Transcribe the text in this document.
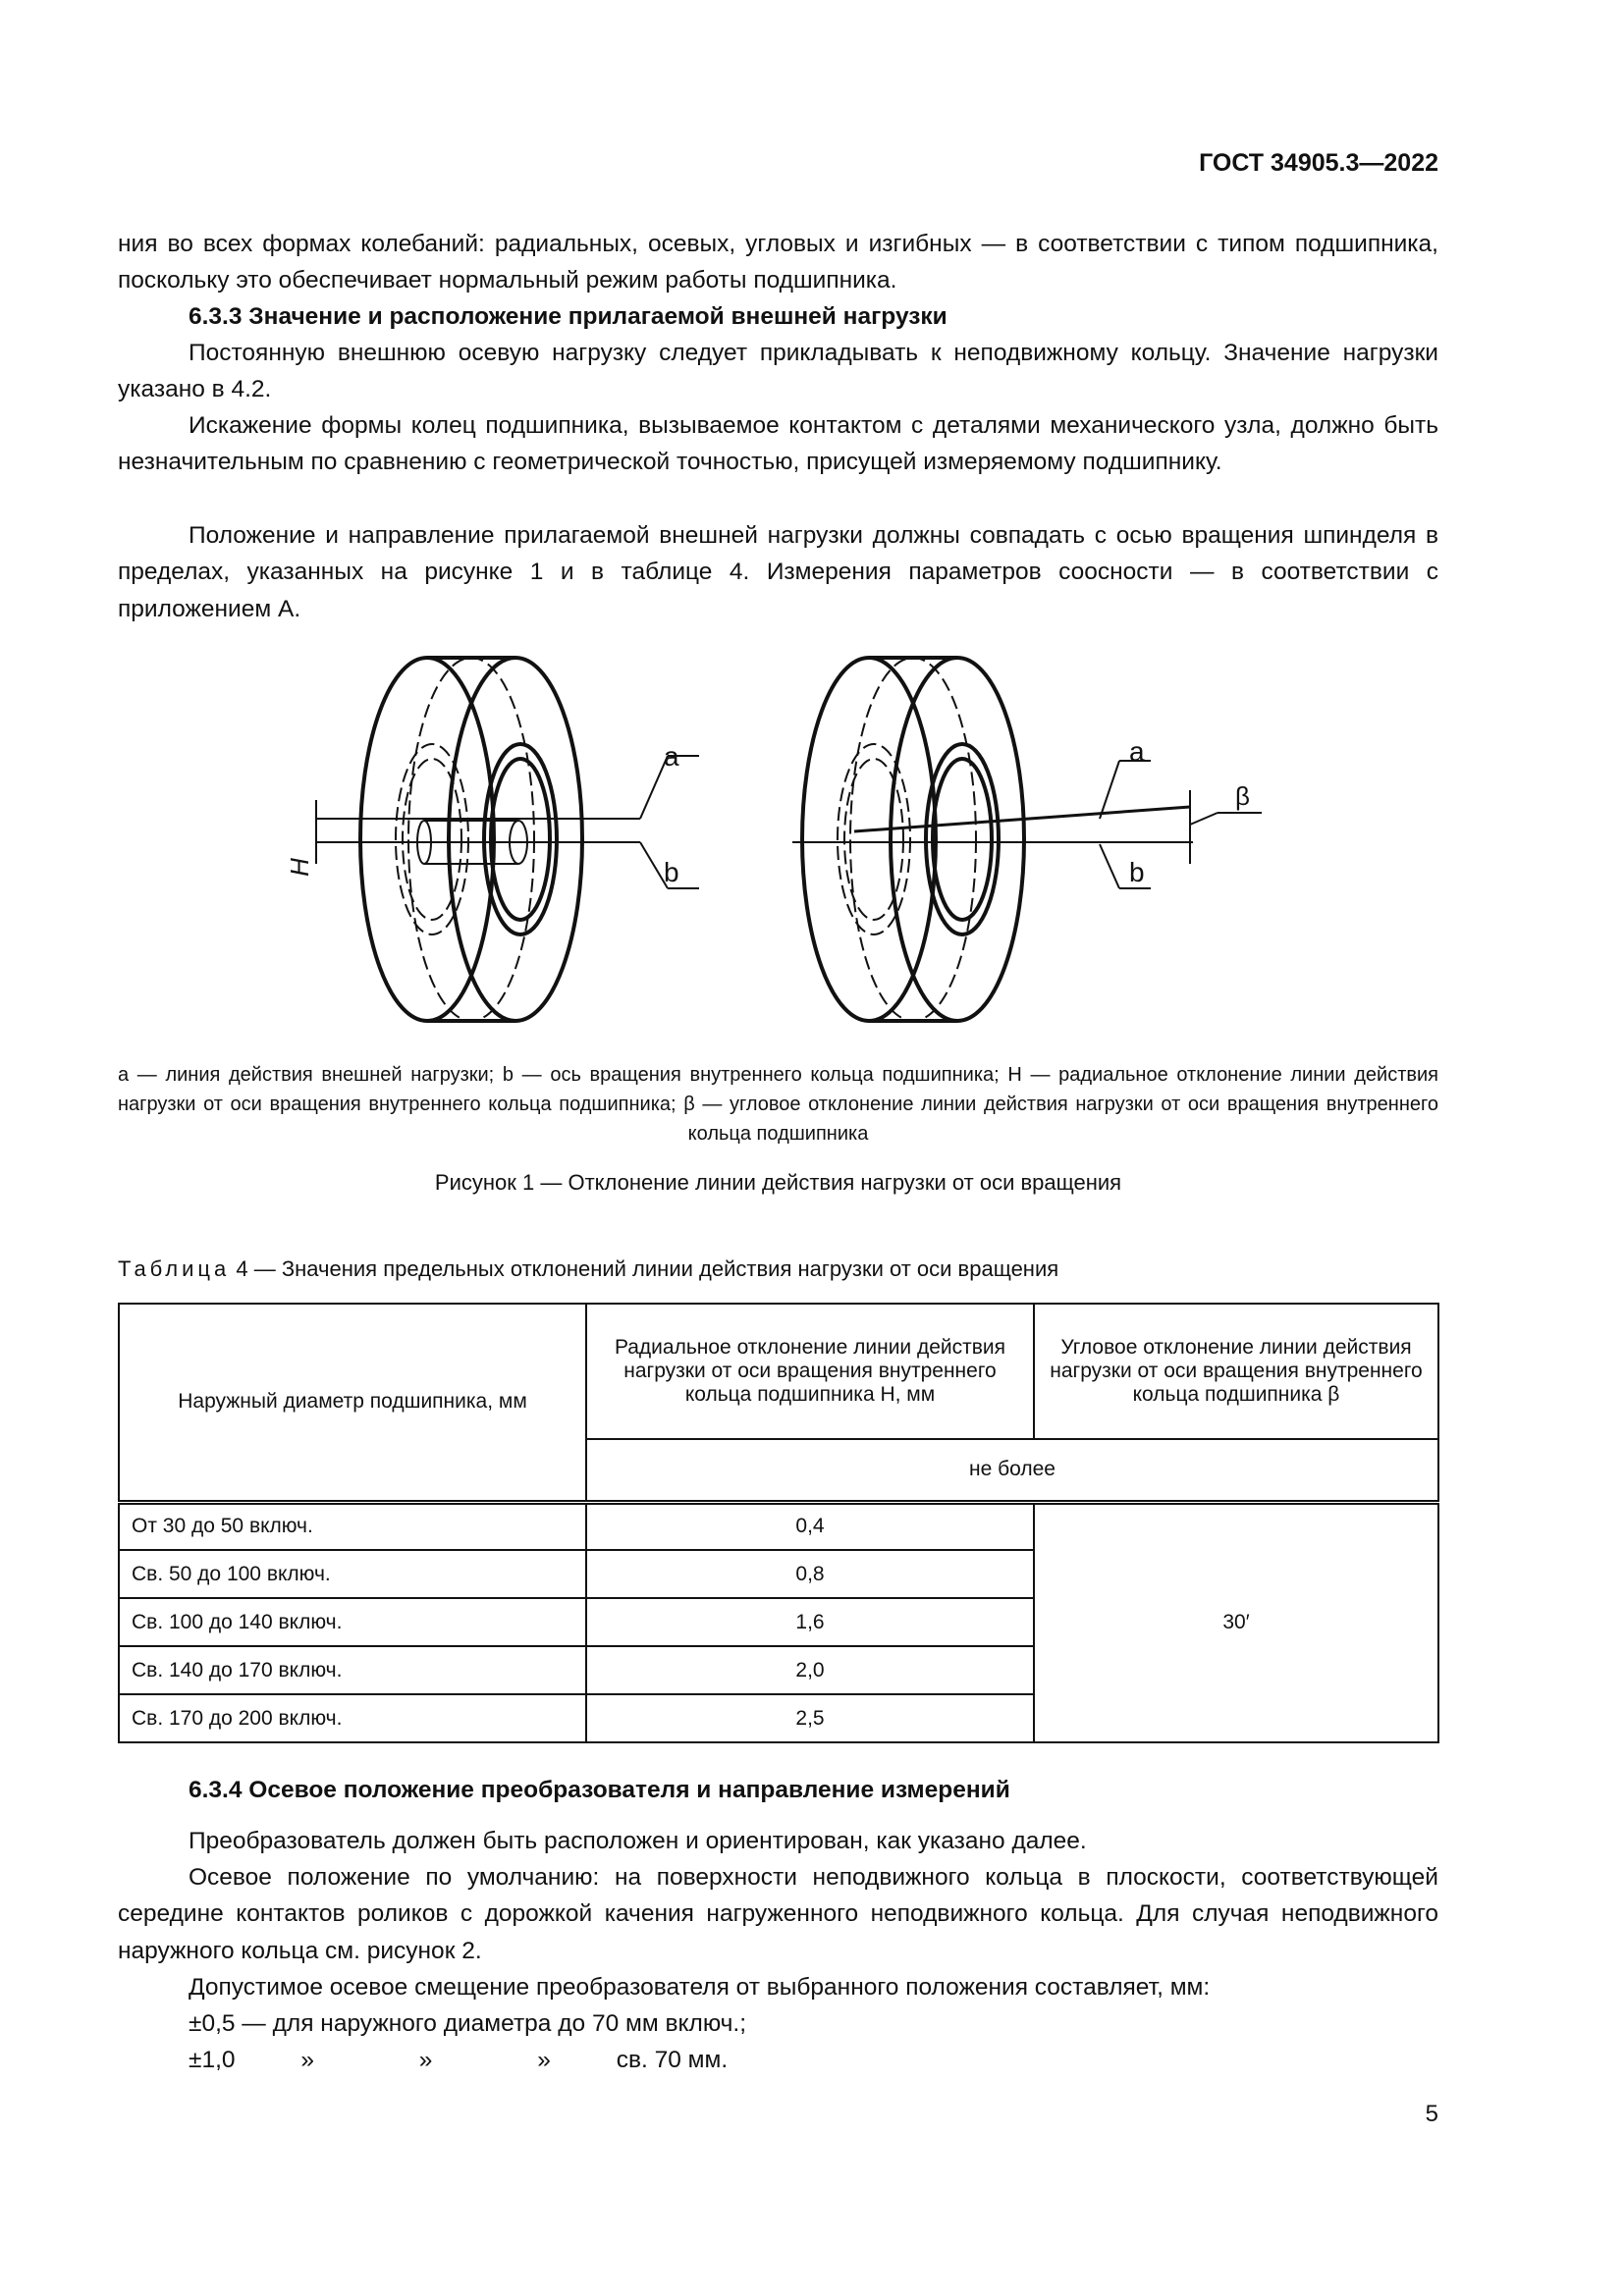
ГОСТ 34905.3—2022
ния во всех формах колебаний: радиальных, осевых, угловых и изгибных — в соответствии с типом подшипника, поскольку это обеспечивает нормальный режим работы подшипника.
6.3.3 Значение и расположение прилагаемой внешней нагрузки
Постоянную внешнюю осевую нагрузку следует прикладывать к неподвижному кольцу. Значение нагрузки указано в 4.2.
Искажение формы колец подшипника, вызываемое контактом с деталями механического узла, должно быть незначительным по сравнению с геометрической точностью, присущей измеряемому подшипнику.
Положение и направление прилагаемой внешней нагрузки должны совпадать с осью вращения шпинделя в пределах, указанных на рисунке 1 и в таблице 4. Измерения параметров соосности — в соответствии с приложением А.
a
b
a
b
β
H
a — линия действия внешней нагрузки; b — ось вращения внутреннего кольца подшипника; H — радиальное отклонение линии действия нагрузки от оси вращения внутреннего кольца подшипника; β — угловое отклонение линии действия нагрузки от оси вращения внутреннего кольца подшипника
Рисунок 1 — Отклонение линии действия нагрузки от оси вращения
Таблица 4 — Значения предельных отклонений линии действия нагрузки от оси вращения
Наружный диаметр подшипника, мм	Радиальное отклонение линии действия нагрузки от оси вращения внутреннего кольца подшипника H, мм	Угловое отклонение линии действия нагрузки от оси вращения внутреннего кольца подшипника β
	не более	
От 30 до 50 включ.	0,4	30′
Св. 50 до 100 включ.	0,8	
Св. 100 до 140 включ.	1,6	
Св. 140 до 170 включ.	2,0	
Св. 170 до 200 включ.	2,5	
6.3.4 Осевое положение преобразователя и направление измерений
Преобразователь должен быть расположен и ориентирован, как указано далее.
Осевое положение по умолчанию: на поверхности неподвижного кольца в плоскости, соответствующей середине контактов роликов с дорожкой качения нагруженного неподвижного кольца. Для случая неподвижного наружного кольца см. рисунок 2.
Допустимое осевое смещение преобразователя от выбранного положения составляет, мм:
±0,5 — для наружного диаметра до 70 мм включ.;
±1,0	»	»	»	св. 70 мм.
5
